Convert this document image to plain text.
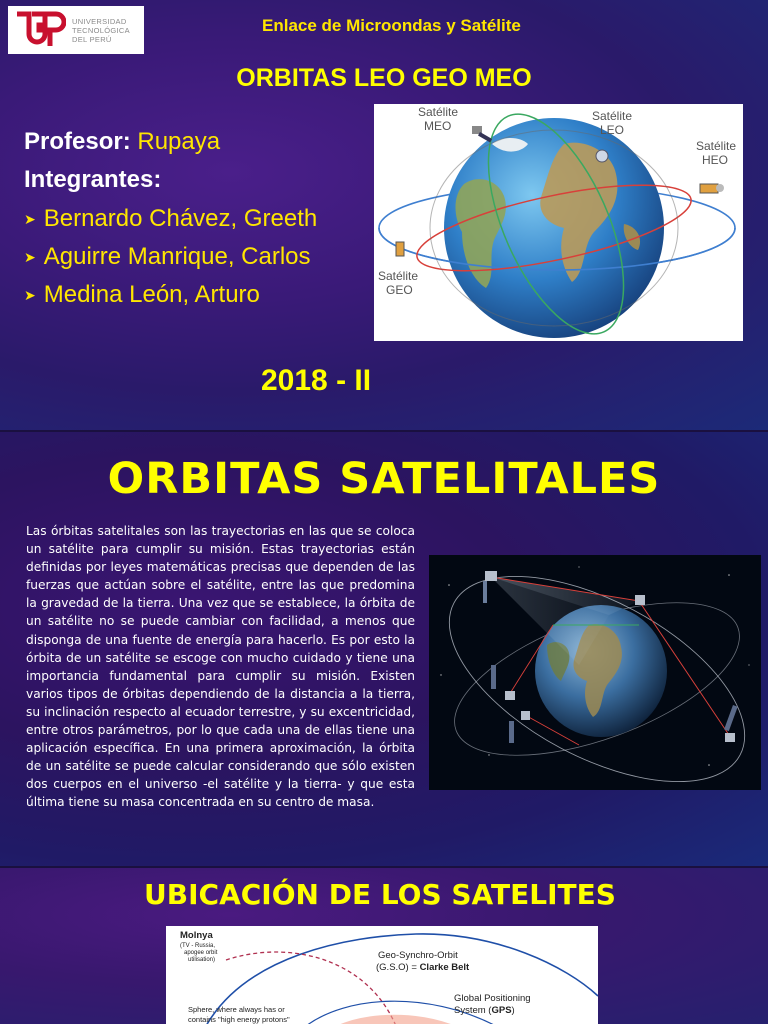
UNIVERSIDAD
TECNOLÓGICA
DEL PERÚ
Enlace de Microondas y Satélite
ORBITAS LEO GEO MEO
Profesor: Rupaya
Integrantes:
➤ Bernardo Chávez, Greeth
➤ Aguirre Manrique, Carlos
➤ Medina León, Arturo
Satélite
MEO
Satélite
LEO
Satélite
HEO
Satélite
GEO
2018 - II
ORBITAS SATELITALES

Las órbitas satelitales son las trayectorias en las que se coloca un satélite para cumplir su misión. Estas trayectorias están definidas por leyes matemáticas precisas que dependen de las fuerzas que actúan sobre el satélite, entre las que predomina la gravedad de la tierra. Una vez que se establece, la órbita de un satélite no se puede cambiar con facilidad, a menos que disponga de una fuente de energía para hacerlo. Es por esto la órbita de un satélite se escoge con mucho cuidado y tiene una importancia fundamental para cumplir su misión. Existen varios tipos de órbitas dependiendo de la distancia a la tierra, su inclinación respecto al ecuador terrestre, y su excentricidad, entre otros parámetros, por lo que cada una de ellas tiene una aplicación específica. En una primera aproximación, la órbita de un satélite se puede calcular considerando que sólo existen dos cuerpos en el universo -el satélite y la tierra- y que esta última tiene su masa concentrada en su centro de masa.

UBICACIÓN DE LOS SATELITES
Molnya
(TV - Russia,
apogee orbit
utilisation)	Geo-Synchro-Orbit
(G.S.O) = Clarke Belt
Global Positioning
System (GPS)
Sphere, where always has or
contains "high energy protons"
